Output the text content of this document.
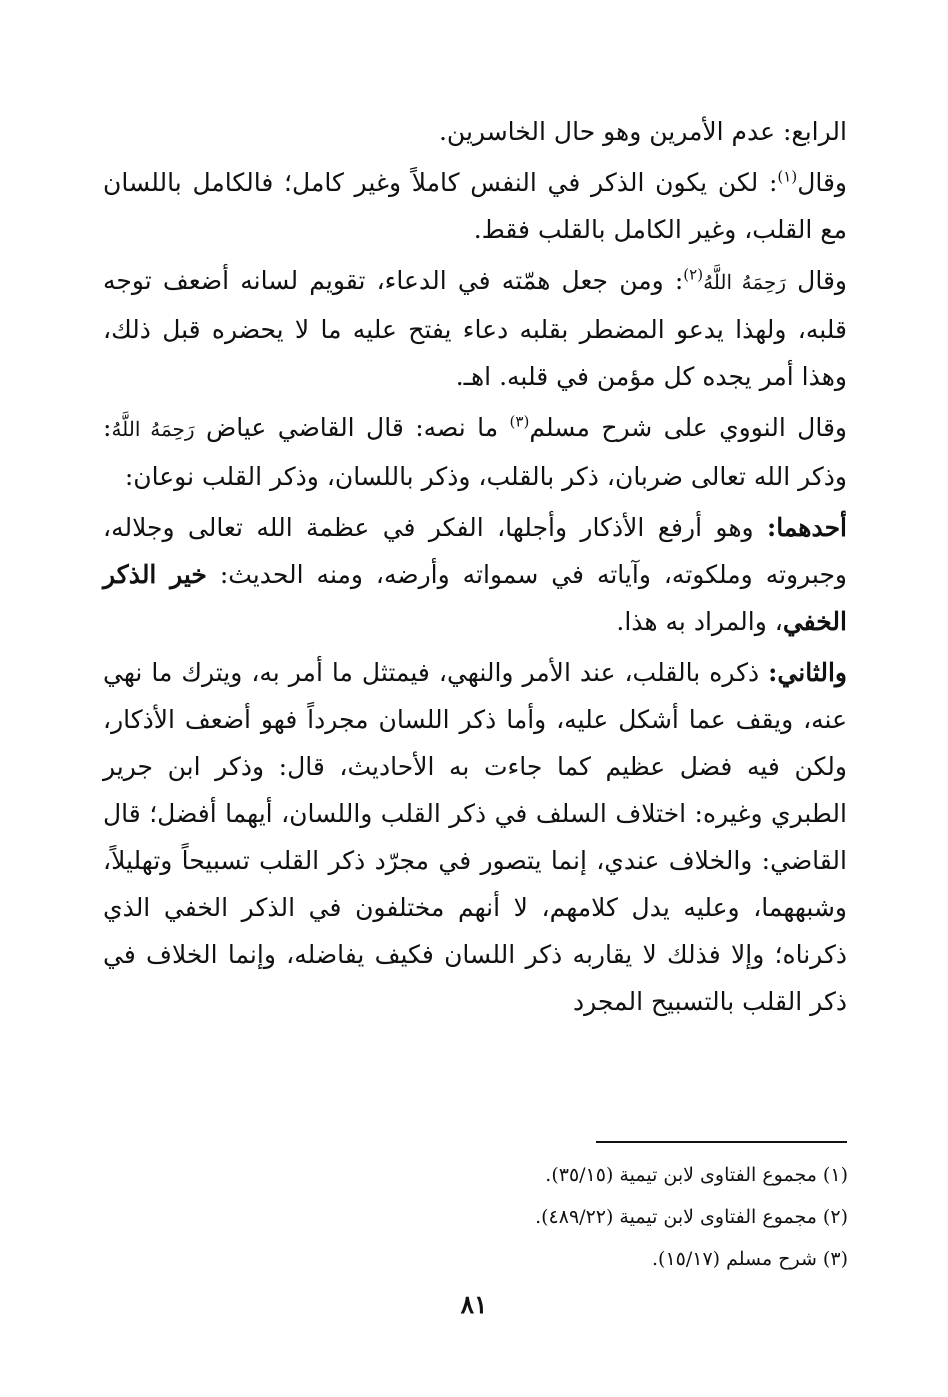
الرابع: عدم الأمرين وهو حال الخاسرين.

وقال$^{(١)}$: لكن يكون الذكر في النفس كاملاً وغير كامل؛ فالكامل باللسان مع القلب، وغير الكامل بالقلب فقط.

وقال رَحِمَهُ اللَّهُ$^{(٢)}$: ومن جعل همّته في الدعاء، تقويم لسانه أضعف توجه قلبه، ولهذا يدعو المضطر بقلبه دعاء يفتح عليه ما لا يحضره قبل ذلك، وهذا أمر يجده كل مؤمن في قلبه. اهـ.

وقال النووي على شرح مسلم$^{(٣)}$ ما نصه: قال القاضي عياض رَحِمَهُ اللَّهُ: وذكر الله تعالى ضربان، ذكر بالقلب، وذكر باللسان، وذكر القلب نوعان:

أحدهما: وهو أرفع الأذكار وأجلها، الفكر في عظمة الله تعالى وجلاله، وجبروته وملكوته، وآياته في سمواته وأرضه، ومنه الحديث: خير الذكر الخفي، والمراد به هذا.

والثاني: ذكره بالقلب، عند الأمر والنهي، فيمتثل ما أمر به، ويترك ما نهي عنه، ويقف عما أشكل عليه، وأما ذكر اللسان مجرداً فهو أضعف الأذكار، ولكن فيه فضل عظيم كما جاءت به الأحاديث، قال: وذكر ابن جرير الطبري وغيره: اختلاف السلف في ذكر القلب واللسان، أيهما أفضل؛ قال القاضي: والخلاف عندي، إنما يتصور في مجرّد ذكر القلب تسبيحاً وتهليلاً، وشبههما، وعليه يدل كلامهم، لا أنهم مختلفون في الذكر الخفي الذي ذكرناه؛ وإلا فذلك لا يقاربه ذكر اللسان فكيف يفاضله، وإنما الخلاف في ذكر القلب بالتسبيح المجرد

(١) مجموع الفتاوى لابن تيمية (٣٥/١٥).

(٢) مجموع الفتاوى لابن تيمية (٤٨٩/٢٢).

(٣) شرح مسلم (١٥/١٧).

٨١
